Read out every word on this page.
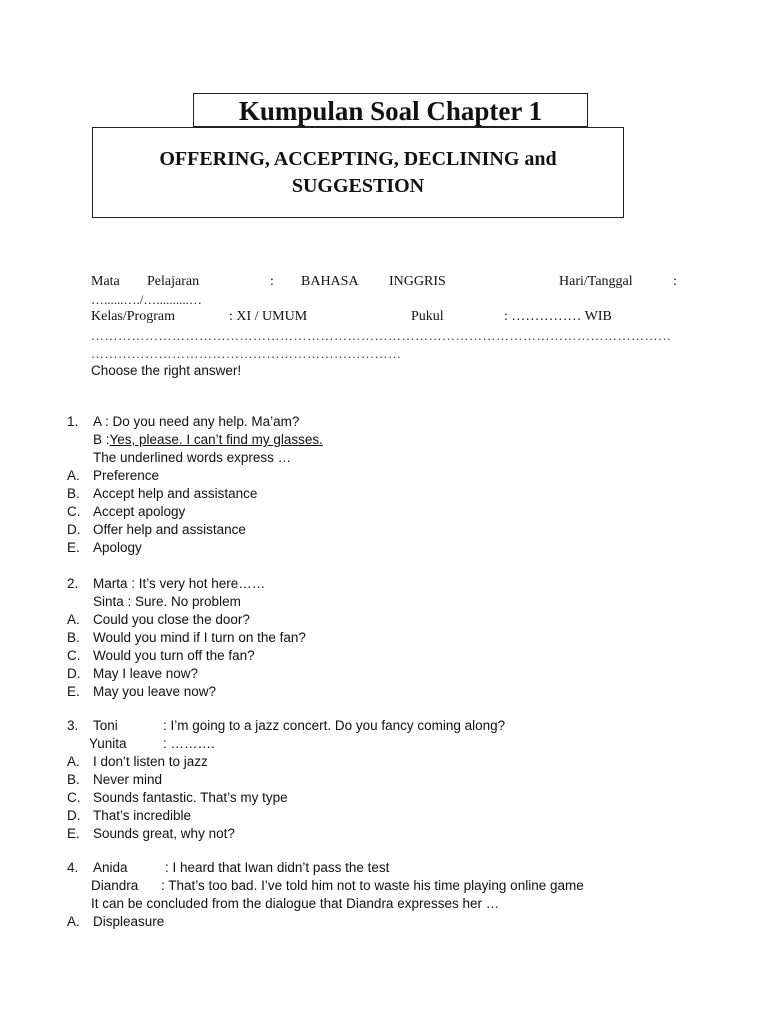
Kumpulan Soal Chapter 1
OFFERING, ACCEPTING, DECLINING and
SUGGESTION
Mata Pelajaran	: BAHASA INGGRIS	Hari/Tanggal	:
…......…./…..........…
Kelas/Program	: XI / UMUM	Pukul	: …………… WIB
…………………………………………………………………………………………………………………
……………………………………………………………
Choose the right answer!
1. A : Do you need any help. Ma’am?
B :Yes, please. I can’t find my glasses.
The underlined words express …
A. Preference
B. Accept help and assistance
C. Accept apology
D. Offer help and assistance
E. Apology
2. Marta : It’s very hot here……
Sinta : Sure. No problem
A. Could you close the door?
B. Would you mind if I turn on the fan?
C. Would you turn off the fan?
D. May I leave now?
E. May you leave now?
3. Toni	: I’m going to a jazz concert. Do you fancy coming along?
Yunita	: ……….
A. I don’t listen to jazz
B. Never mind
C. Sounds fantastic. That’s my type
D. That’s incredible
E. Sounds great, why not?
4. Anida	: I heard that Iwan didn’t pass the test
Diandra : That’s too bad. I’ve told him not to waste his time playing online game
It can be concluded from the dialogue that Diandra expresses her …
A. Displeasure
